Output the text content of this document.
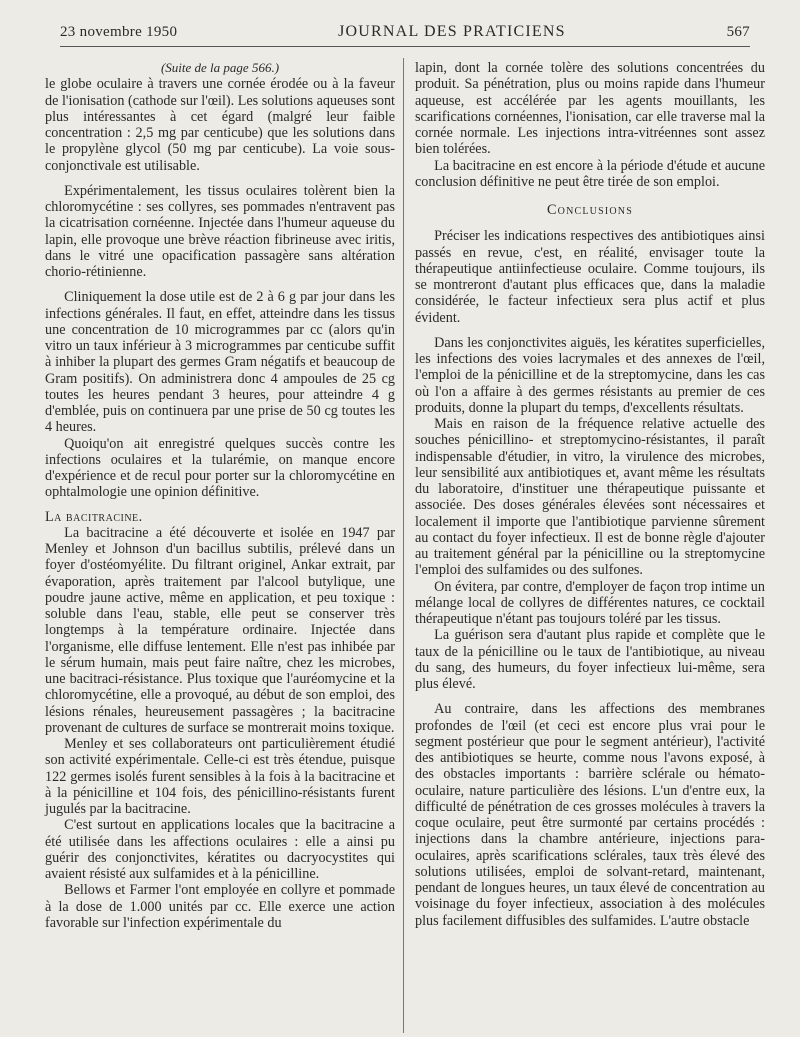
23 novembre 1950	JOURNAL DES PRATICIENS	567

(Suite de la page 566.)

le globe oculaire à travers une cornée érodée ou à la faveur de l'ionisation (cathode sur l'œil). Les solutions aqueuses sont plus intéressantes à cet égard (malgré leur faible concentration : 2,5 mg par centicube) que les solutions dans le propylène glycol (50 mg par centicube). La voie sous-conjonctivale est utilisable.

Expérimentalement, les tissus oculaires tolèrent bien la chloromycétine : ses collyres, ses pommades n'entravent pas la cicatrisation cornéenne. Injectée dans l'humeur aqueuse du lapin, elle provoque une brève réaction fibrineuse avec iritis, dans le vitré une opacification passagère sans altération chorio-rétinienne.

Cliniquement la dose utile est de 2 à 6 g par jour dans les infections générales. Il faut, en effet, atteindre dans les tissus une concentration de 10 microgrammes par cc (alors qu'in vitro un taux inférieur à 3 microgrammes par centicube suffit à inhiber la plupart des germes Gram négatifs et beaucoup de Gram positifs). On administrera donc 4 ampoules de 25 cg toutes les heures pendant 3 heures, pour atteindre 4 g d'emblée, puis on continuera par une prise de 50 cg toutes les 4 heures.

Quoiqu'on ait enregistré quelques succès contre les infections oculaires et la tularémie, on manque encore d'expérience et de recul pour porter sur la chloromycétine en ophtalmologie une opinion définitive.

La bacitracine.

La bacitracine a été découverte et isolée en 1947 par Menley et Johnson d'un bacillus subtilis, prélevé dans un foyer d'ostéomyélite. Du filtrant originel, Ankar extrait, par évaporation, après traitement par l'alcool butylique, une poudre jaune active, même en application, et peu toxique : soluble dans l'eau, stable, elle peut se conserver très longtemps à la température ordinaire. Injectée dans l'organisme, elle diffuse lentement. Elle n'est pas inhibée par le sérum humain, mais peut faire naître, chez les microbes, une bacitraci-résistance. Plus toxique que l'auréomycine et la chloromycétine, elle a provoqué, au début de son emploi, des lésions rénales, heureusement passagères ; la bacitracine provenant de cultures de surface se montrerait moins toxique.

Menley et ses collaborateurs ont particulièrement étudié son activité expérimentale. Celle-ci est très étendue, puisque 122 germes isolés furent sensibles à la fois à la bacitracine et à la pénicilline et 104 fois, des pénicillino-résistants furent jugulés par la bacitracine.

C'est surtout en applications locales que la bacitracine a été utilisée dans les affections oculaires : elle a ainsi pu guérir des conjonctivites, kératites ou dacryocystites qui avaient résisté aux sulfamides et à la pénicilline.

Bellows et Farmer l'ont employée en collyre et pommade à la dose de 1.000 unités par cc. Elle exerce une action favorable sur l'infection expérimentale du

lapin, dont la cornée tolère des solutions concentrées du produit. Sa pénétration, plus ou moins rapide dans l'humeur aqueuse, est accélérée par les agents mouillants, les scarifications cornéennes, l'ionisation, car elle traverse mal la cornée normale. Les injections intra-vitréennes sont assez bien tolérées.

La bacitracine en est encore à la période d'étude et aucune conclusion définitive ne peut être tirée de son emploi.

Conclusions

Préciser les indications respectives des antibiotiques ainsi passés en revue, c'est, en réalité, envisager toute la thérapeutique antiinfectieuse oculaire. Comme toujours, ils se montreront d'autant plus efficaces que, dans la maladie considérée, le facteur infectieux sera plus actif et plus évident.

Dans les conjonctivites aiguës, les kératites superficielles, les infections des voies lacrymales et des annexes de l'œil, l'emploi de la pénicilline et de la streptomycine, dans les cas où l'on a affaire à des germes résistants au premier de ces produits, donne la plupart du temps, d'excellents résultats.

Mais en raison de la fréquence relative actuelle des souches pénicillino- et streptomycino-résistantes, il paraît indispensable d'étudier, in vitro, la virulence des microbes, leur sensibilité aux antibiotiques et, avant même les résultats du laboratoire, d'instituer une thérapeutique puissante et associée. Des doses générales élevées sont nécessaires et localement il importe que l'antibiotique parvienne sûrement au contact du foyer infectieux. Il est de bonne règle d'ajouter au traitement général par la pénicilline ou la streptomycine l'emploi des sulfamides ou des sulfones.

On évitera, par contre, d'employer de façon trop intime un mélange local de collyres de différentes natures, ce cocktail thérapeutique n'étant pas toujours toléré par les tissus.

La guérison sera d'autant plus rapide et complète que le taux de la pénicilline ou le taux de l'antibiotique, au niveau du sang, des humeurs, du foyer infectieux lui-même, sera plus élevé.

Au contraire, dans les affections des membranes profondes de l'œil (et ceci est encore plus vrai pour le segment postérieur que pour le segment antérieur), l'activité des antibiotiques se heurte, comme nous l'avons exposé, à des obstacles importants : barrière sclérale ou hémato-oculaire, nature particulière des lésions. L'un d'entre eux, la difficulté de pénétration de ces grosses molécules à travers la coque oculaire, peut être surmonté par certains procédés : injections dans la chambre antérieure, injections para-oculaires, après scarifications sclérales, taux très élevé des solutions utilisées, emploi de solvant-retard, maintenant, pendant de longues heures, un taux élevé de concentration au voisinage du foyer infectieux, association à des molécules plus facilement diffusibles des sulfamides. L'autre obstacle
